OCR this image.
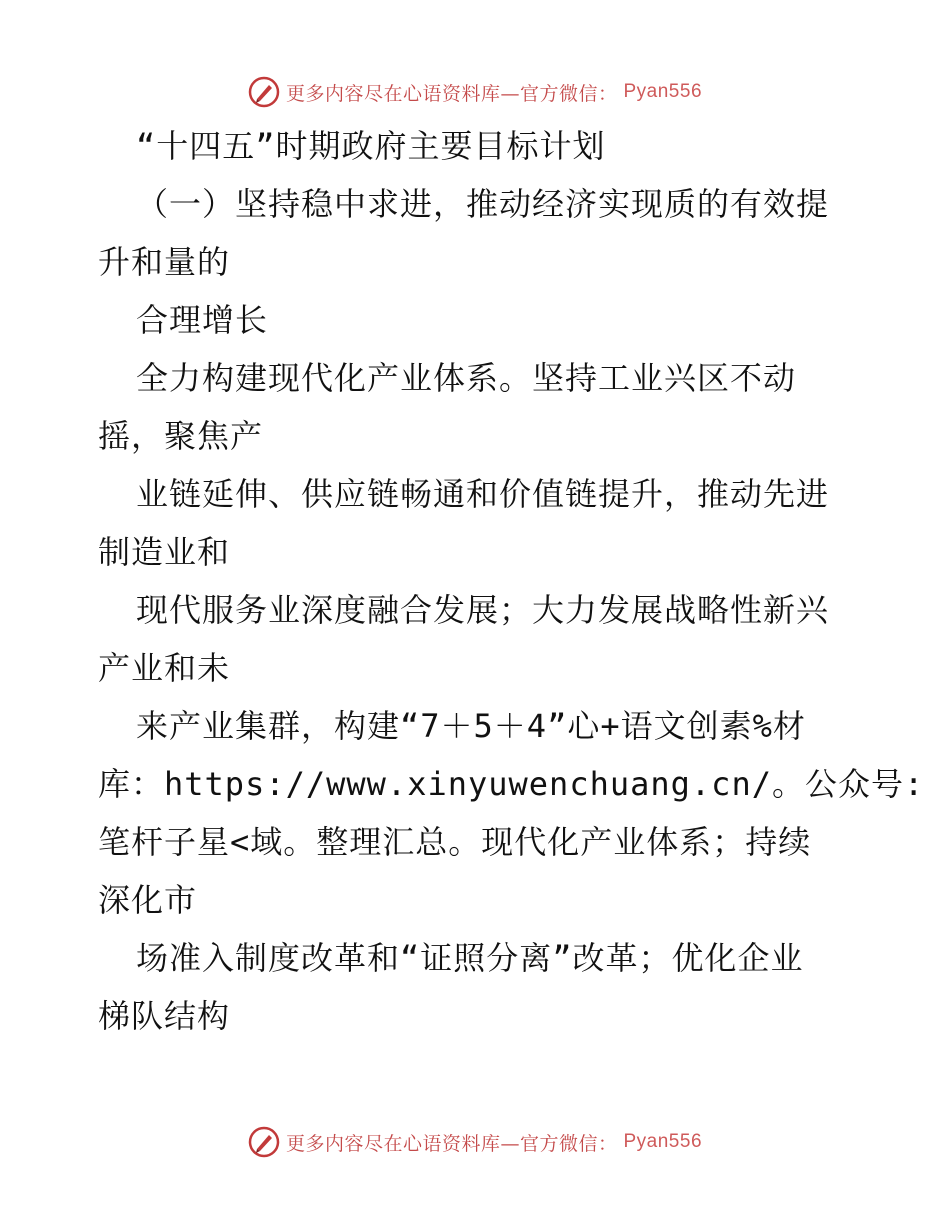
更多内容尽在心语资料库—官方微信： Pyan556
“十四五”时期政府主要目标计划
（一）坚持稳中求进，推动经济实现质的有效提
升和量的
合理增长
全力构建现代化产业体系。坚持工业兴区不动
摇，聚焦产
业链延伸、供应链畅通和价值链提升，推动先进
制造业和
现代服务业深度融合发展；大力发展战略性新兴
产业和未
来产业集群，构建“7＋5＋4”心+语文创素%材
库：https://www.xinyuwenchuang.cn/。公众号:
笔杆子星<域。整理汇总。现代化产业体系；持续
深化市
场准入制度改革和“证照分离”改革；优化企业
梯队结构
更多内容尽在心语资料库—官方微信： Pyan556
